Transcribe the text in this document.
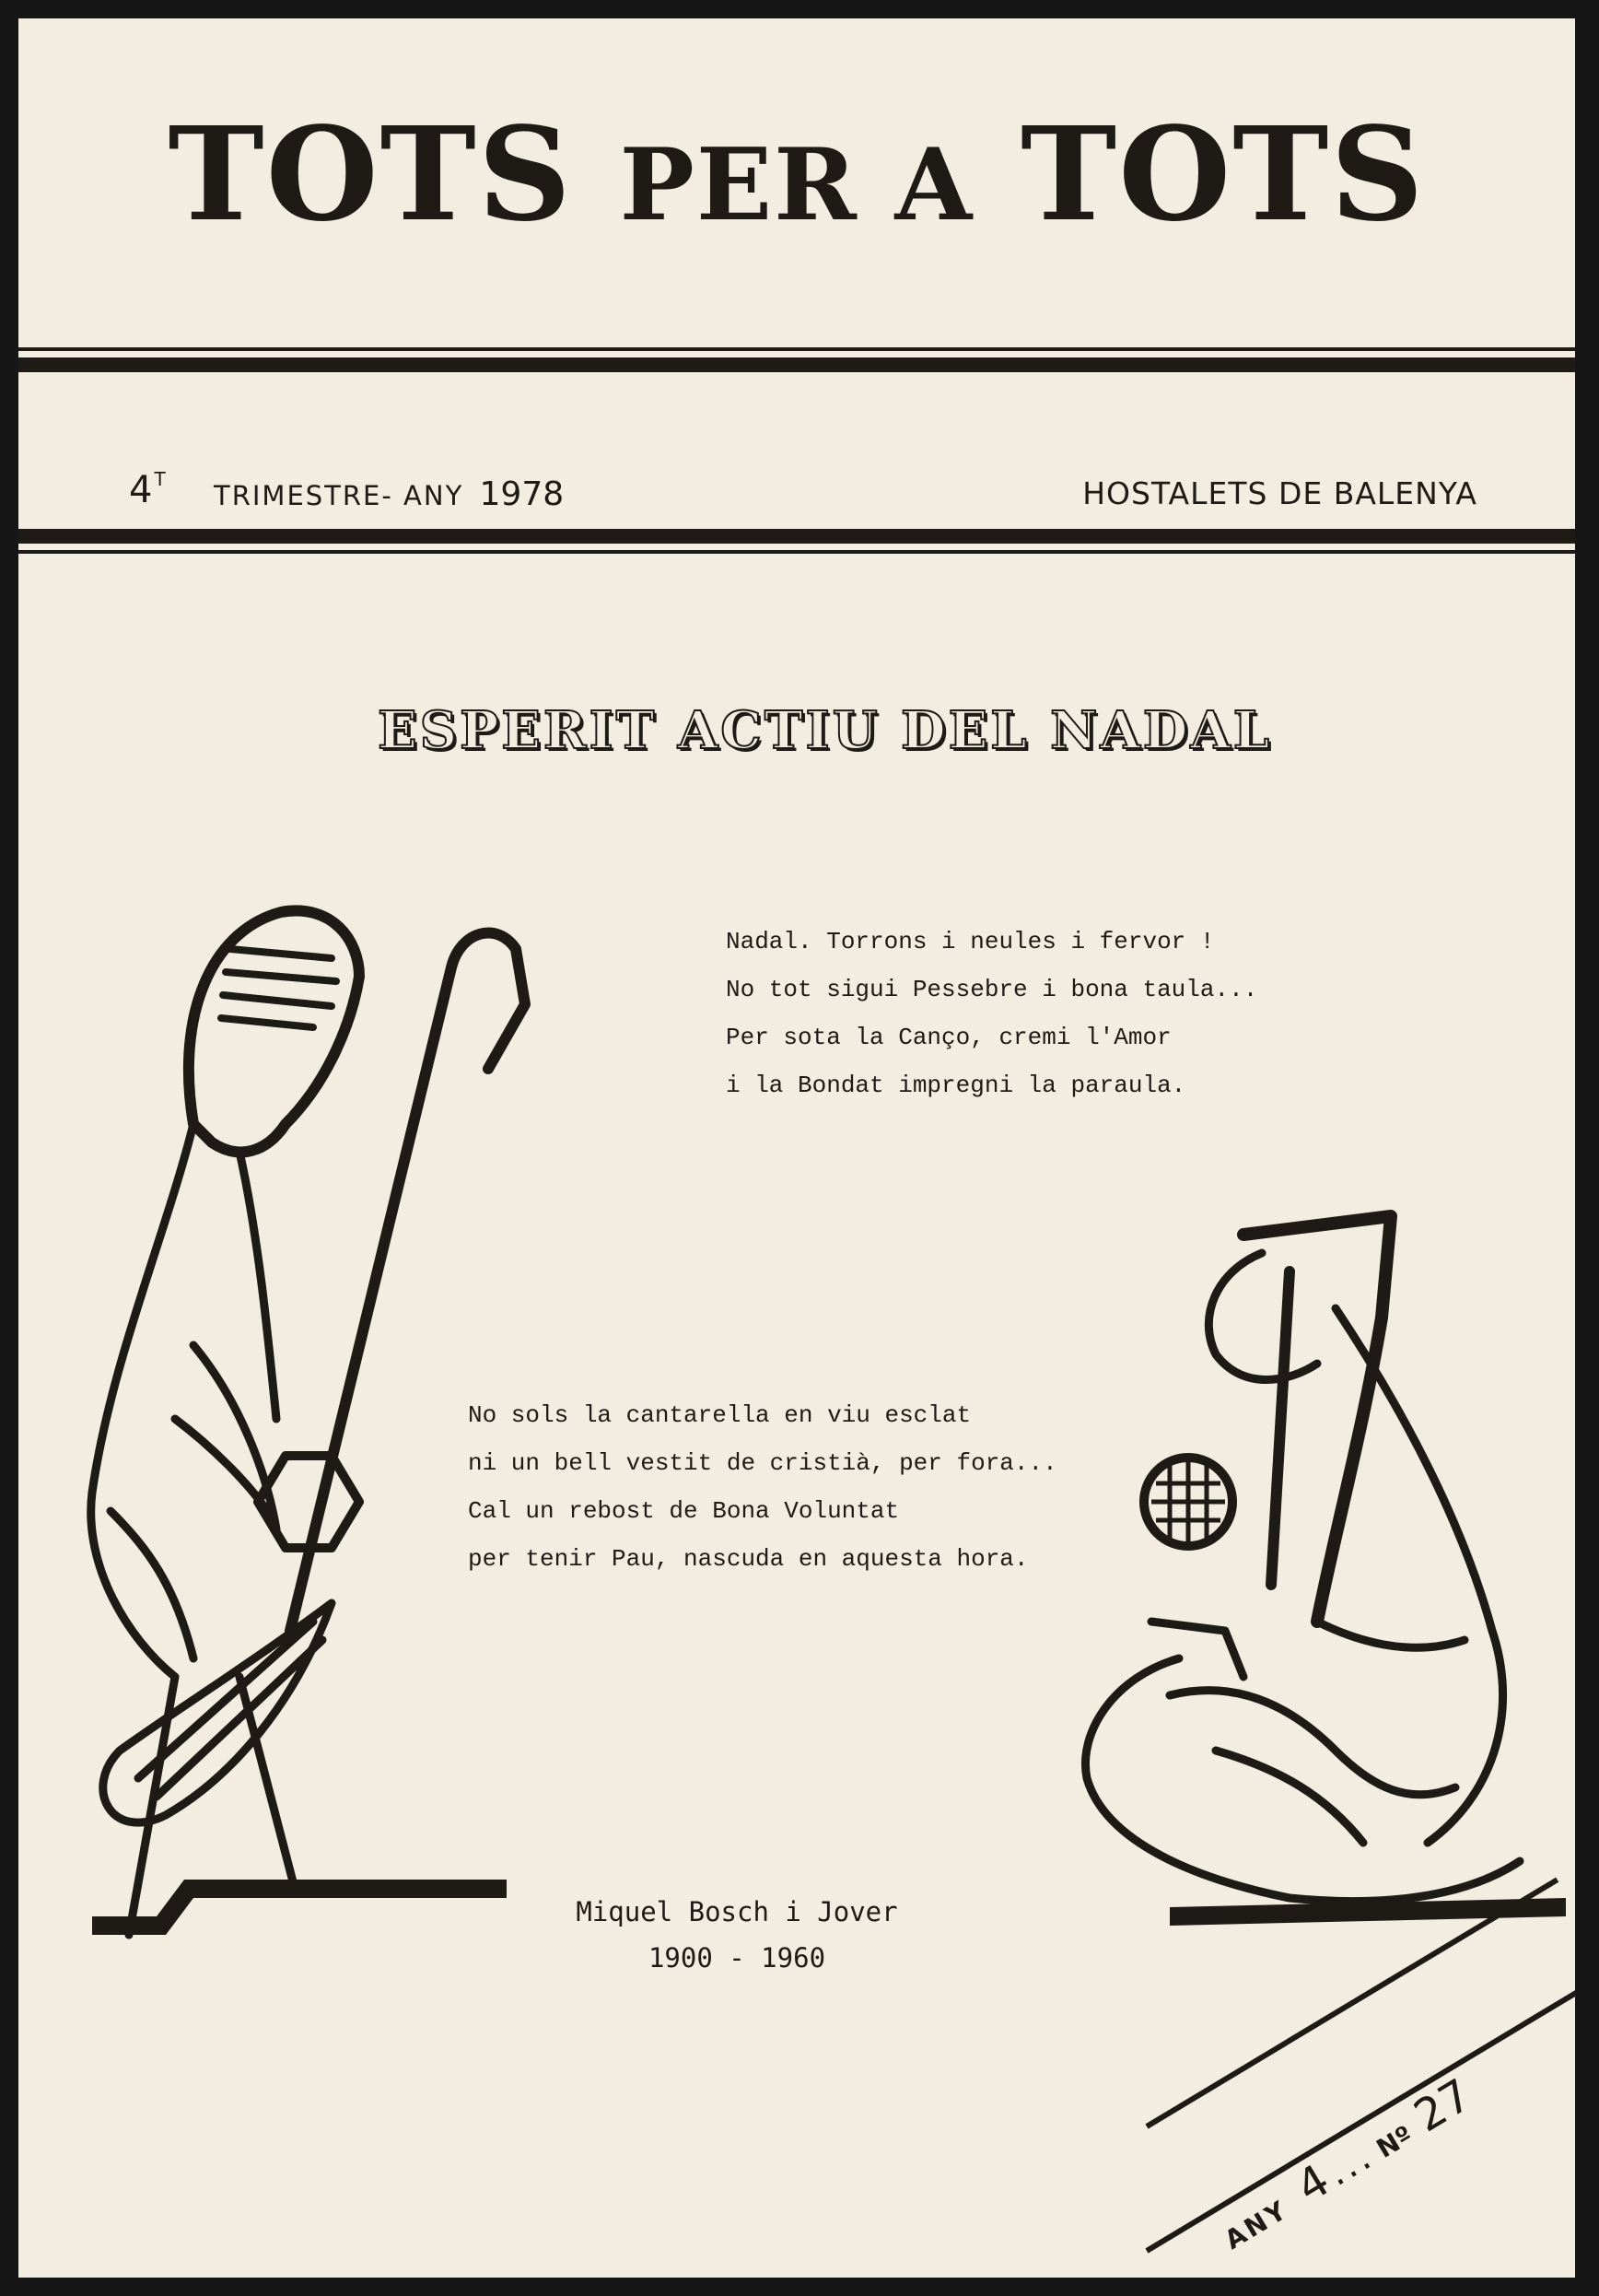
TOTS PER A TOTS
4 $^T$
TRIMESTRE- ANY 1978	HOSTALETS DE BALENYA
ESPERIT ACTIU DEL NADAL
Nadal. Torrons i neules i fervor !
No tot sigui Pessebre i bona taula...
Per sota la Canço, cremi l'Amor
i la Bondat impregni la paraula.
No sols la cantarella en viu esclat
ni un bell vestit de cristià, per fora...
Cal un rebost de Bona Voluntat
per tenir Pau, nascuda en aquesta hora.
Miquel Bosch i Jover
1900 - 1960
ANY 4 ... Nº 27
